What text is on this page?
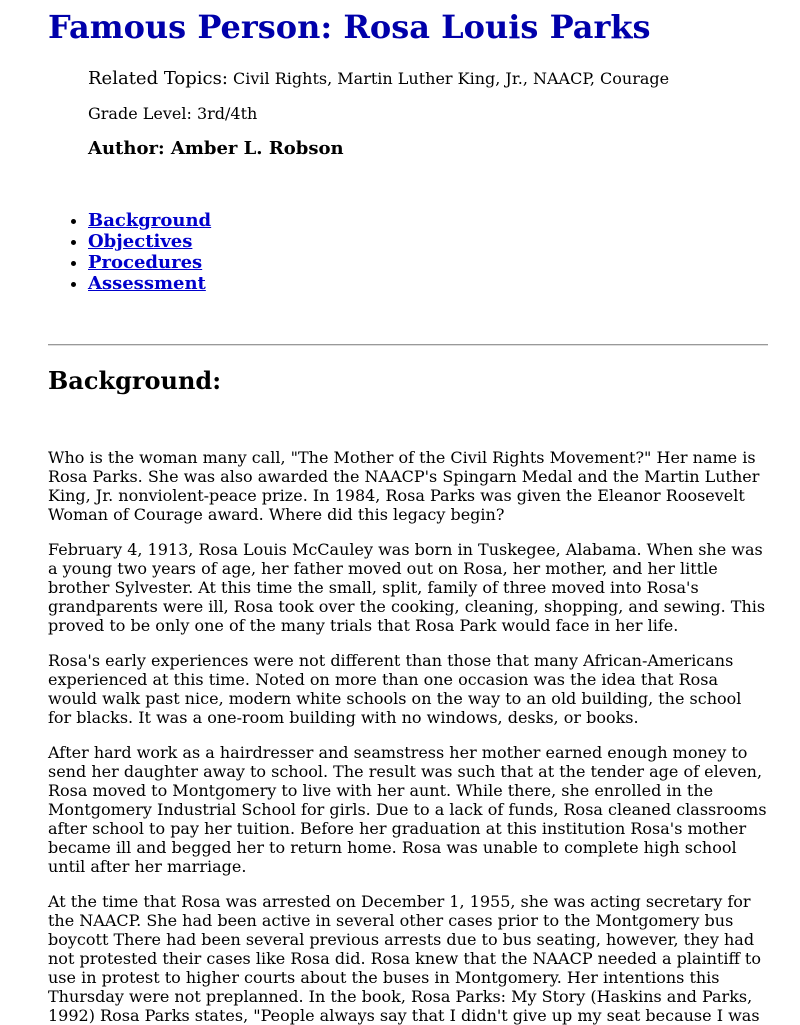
Famous Person: Rosa Louis Parks
Related Topics: Civil Rights, Martin Luther King, Jr., NAACP, Courage
Grade Level: 3rd/4th
Author: Amber L. Robson
• Background
• Objectives
• Procedures
• Assessment
Background:

Who is the woman many call, "The Mother of the Civil Rights Movement?" Her name is Rosa Parks. She was also awarded the NAACP's Spingarn Medal and the Martin Luther King, Jr. nonviolent-peace prize. In 1984, Rosa Parks was given the Eleanor Roosevelt Woman of Courage award. Where did this legacy begin?

February 4, 1913, Rosa Louis McCauley was born in Tuskegee, Alabama. When she was a young two years of age, her father moved out on Rosa, her mother, and her little brother Sylvester. At this time the small, split, family of three moved into Rosa's grandparents were ill, Rosa took over the cooking, cleaning, shopping, and sewing. This proved to be only one of the many trials that Rosa Park would face in her life.

Rosa's early experiences were not different than those that many African-Americans experienced at this time. Noted on more than one occasion was the idea that Rosa would walk past nice, modern white schools on the way to an old building, the school for blacks. It was a one-room building with no windows, desks, or books.

After hard work as a hairdresser and seamstress her mother earned enough money to send her daughter away to school. The result was such that at the tender age of eleven, Rosa moved to Montgomery to live with her aunt. While there, she enrolled in the Montgomery Industrial School for girls. Due to a lack of funds, Rosa cleaned classrooms after school to pay her tuition. Before her graduation at this institution Rosa's mother became ill and begged her to return home. Rosa was unable to complete high school until after her marriage.

At the time that Rosa was arrested on December 1, 1955, she was acting secretary for the NAACP. She had been active in several other cases prior to the Montgomery bus boycott There had been several previous arrests due to bus seating, however, they had not protested their cases like Rosa did. Rosa knew that the NAACP needed a plaintiff to use in protest to higher courts about the buses in Montgomery. Her intentions this Thursday were not preplanned. In the book, Rosa Parks: My Story (Haskins and Parks, 1992) Rosa Parks states, "People always say that I didn't give up my seat because I was
